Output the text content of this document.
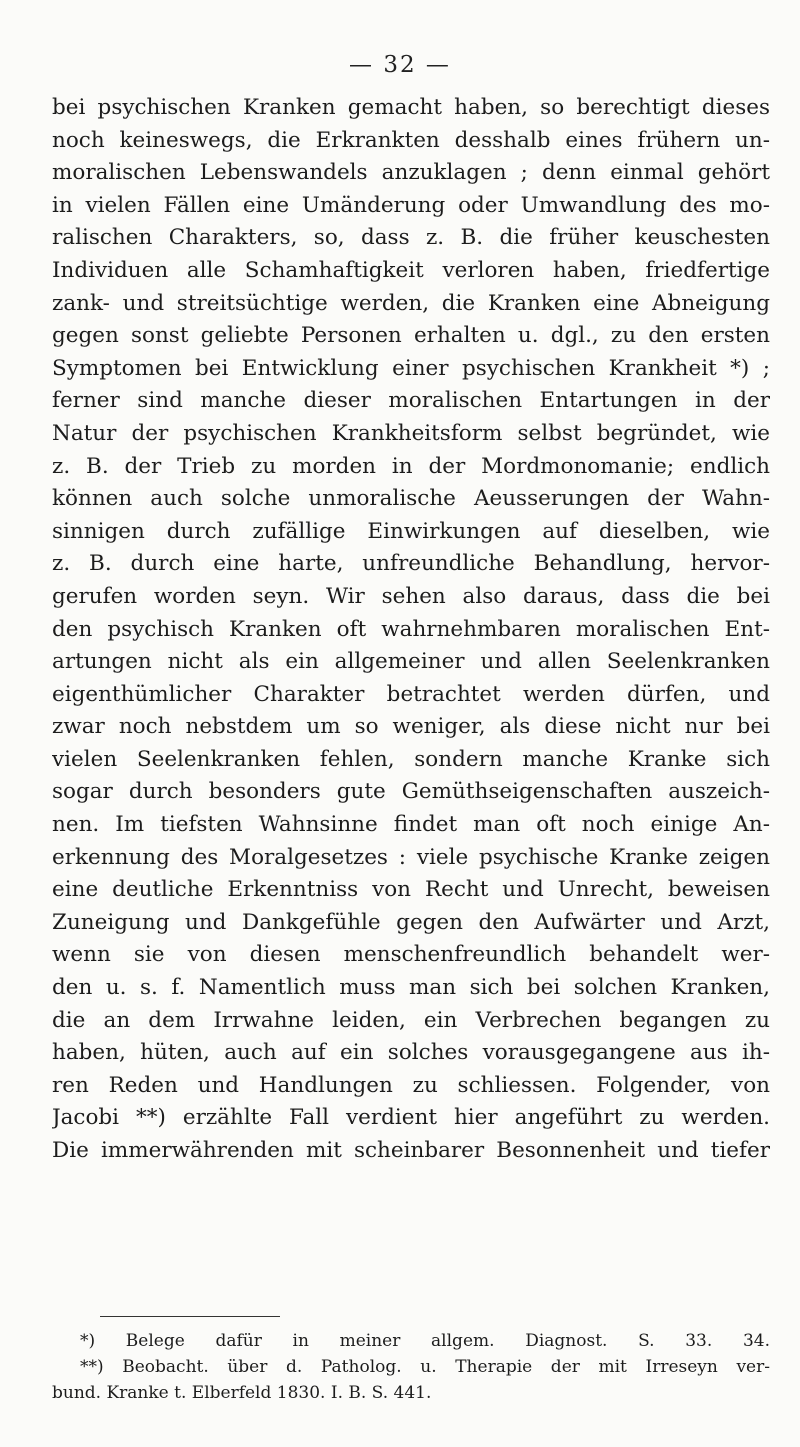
— 32 —
bei psychischen Kranken gemacht haben, so berechtigt dieses
noch keineswegs, die Erkrankten desshalb eines frühern un-
moralischen Lebenswandels anzuklagen ; denn einmal gehört
in vielen Fällen eine Umänderung oder Umwandlung des mo-
ralischen Charakters, so, dass z. B. die früher keuschesten
Individuen alle Schamhaftigkeit verloren haben, friedfertige
zank- und streitsüchtige werden, die Kranken eine Abneigung
gegen sonst geliebte Personen erhalten u. dgl., zu den ersten
Symptomen bei Entwicklung einer psychischen Krankheit *) ;
ferner sind manche dieser moralischen Entartungen in der
Natur der psychischen Krankheitsform selbst begründet, wie
z. B. der Trieb zu morden in der Mordmonomanie; endlich
können auch solche unmoralische Aeusserungen der Wahn-
sinnigen durch zufällige Einwirkungen auf dieselben, wie
z. B. durch eine harte, unfreundliche Behandlung, hervor-
gerufen worden seyn. Wir sehen also daraus, dass die bei
den psychisch Kranken oft wahrnehmbaren moralischen Ent-
artungen nicht als ein allgemeiner und allen Seelenkranken
eigenthümlicher Charakter betrachtet werden dürfen, und
zwar noch nebstdem um so weniger, als diese nicht nur bei
vielen Seelenkranken fehlen, sondern manche Kranke sich
sogar durch besonders gute Gemüthseigenschaften auszeich-
nen. Im tiefsten Wahnsinne findet man oft noch einige An-
erkennung des Moralgesetzes : viele psychische Kranke zeigen
eine deutliche Erkenntniss von Recht und Unrecht, beweisen
Zuneigung und Dankgefühle gegen den Aufwärter und Arzt,
wenn sie von diesen menschenfreundlich behandelt wer-
den u. s. f. Namentlich muss man sich bei solchen Kranken,
die an dem Irrwahne leiden, ein Verbrechen begangen zu
haben, hüten, auch auf ein solches vorausgegangene aus ih-
ren Reden und Handlungen zu schliessen. Folgender, von
Jacobi **) erzählte Fall verdient hier angeführt zu werden.
Die immerwährenden mit scheinbarer Besonnenheit und tiefer
*) Belege dafür in meiner allgem. Diagnost. S. 33. 34.
**) Beobacht. über d. Patholog. u. Therapie der mit Irreseyn ver-
bund. Kranke t. Elberfeld 1830. I. B. S. 441.
